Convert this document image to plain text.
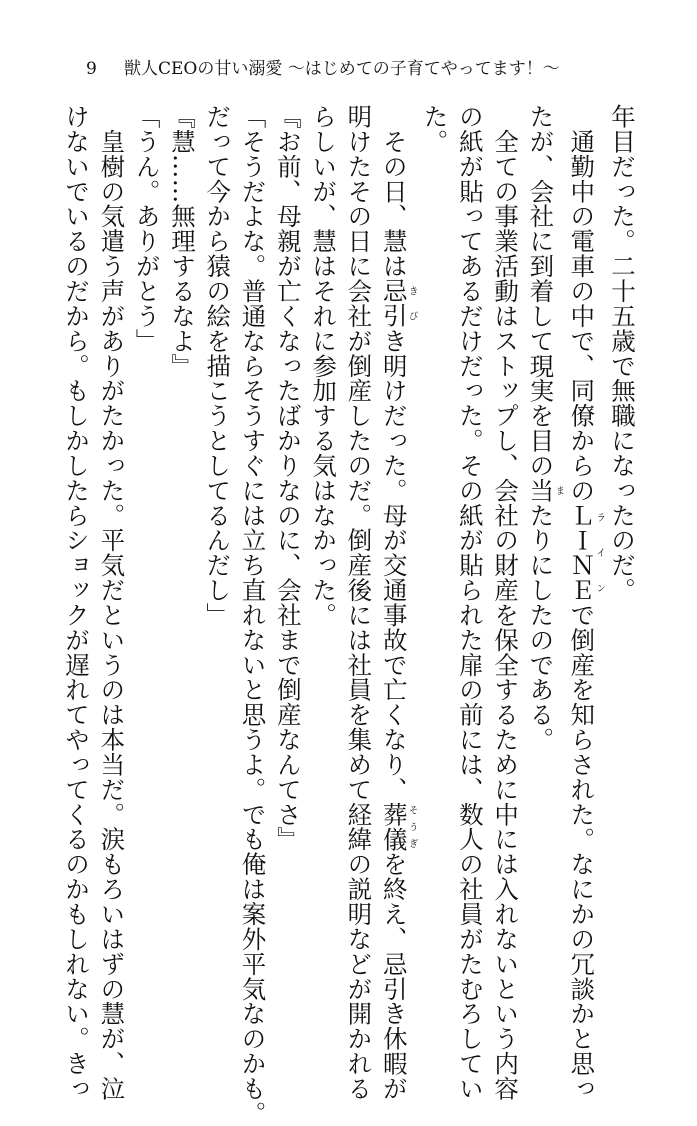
9 獣人CEOの甘い溺愛 〜はじめての子育てやってます！〜
年目だった。二十五歳で無職になったのだ。
　通勤中の電車の中で、同僚からのＬＩＮＥラインで倒産を知らされた。なにかの冗談かと思っ
たが、会社に到着して現実を目の当またりにしたのである。
　全ての事業活動はストップし、会社の財産を保全するために中には入れないという内容
の紙が貼ってあるだけだった。その紙が貼られた扉の前には、数人の社員がたむろしてい
た。
　その日、慧は忌き引びき明けだった。母が交通事故で亡くなり、葬儀そうぎを終え、忌引き休暇が
明けたその日に会社が倒産したのだ。倒産後には社員を集めて経緯の説明などが開かれる
らしいが、慧はそれに参加する気はなかった。
『お前、母親が亡くなったばかりなのに、会社まで倒産なんてさ』
「そうだよな。普通ならそうすぐには立ち直れないと思うよ。でも俺は案外平気なのかも。
だって今から猿の絵を描こうとしてるんだし」
『慧……無理するなよ』
「うん。ありがとう」
　皇樹の気遣う声がありがたかった。平気だというのは本当だ。涙もろいはずの慧が、泣
けないでいるのだから。もしかしたらショックが遅れてやってくるのかもしれない。きっ
